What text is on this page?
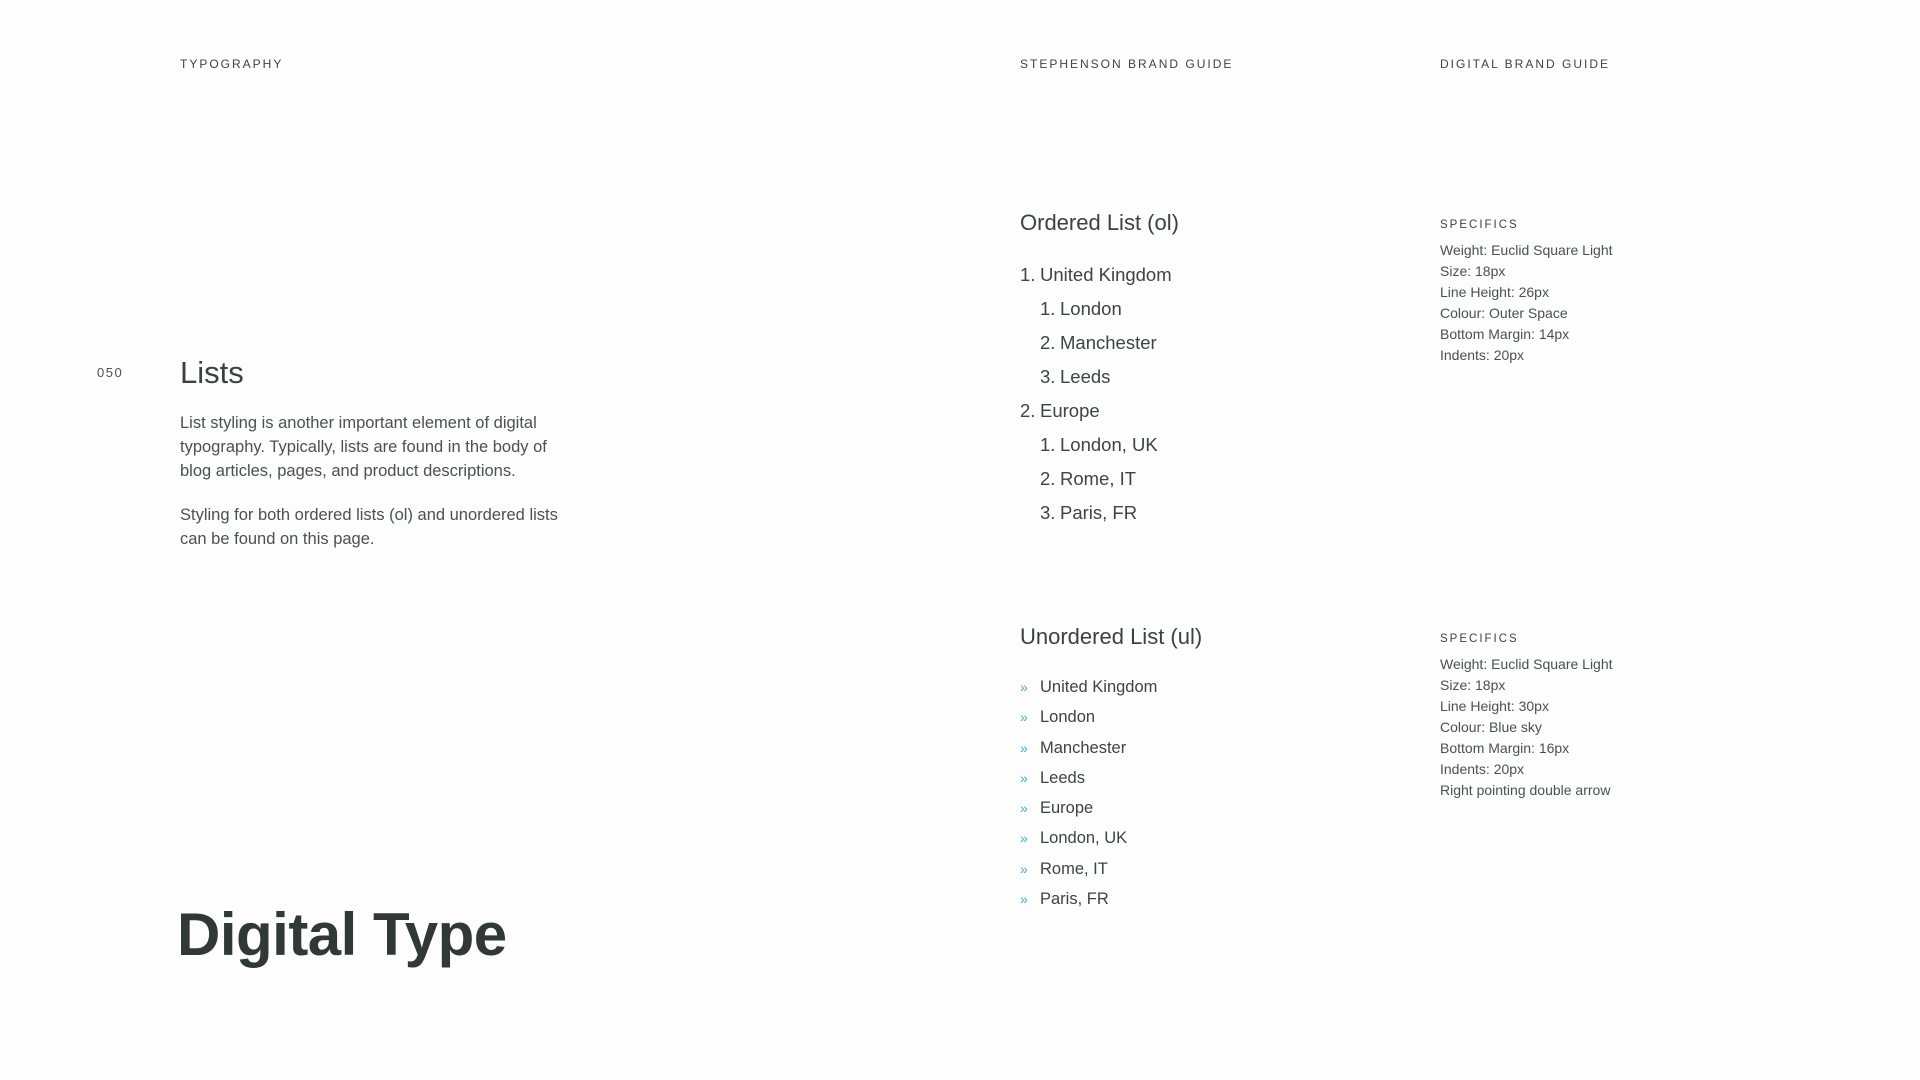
TYPOGRAPHY	STEPHENSON BRAND GUIDE	DIGITAL BRAND GUIDE
050 Lists

List styling is another important element of digital typography. Typically, lists are found in the body of blog articles, pages, and product descriptions.

Styling for both ordered lists (ol) and unordered lists can be found on this page.

Digital Type
Ordered List (ol)
1. United Kingdom
1. London
2. Manchester
3. Leeds
2. Europe
1. London, UK
2. Rome, IT
3. Paris, FR
SPECIFICS
Weight: Euclid Square Light
Size: 18px
Line Height: 26px
Colour: Outer Space
Bottom Margin: 14px
Indents: 20px
Unordered List (ul)
» United Kingdom
» London
» Manchester
» Leeds
» Europe
» London, UK
» Rome, IT
» Paris, FR
SPECIFICS
Weight: Euclid Square Light
Size: 18px
Line Height: 30px
Colour: Blue sky
Bottom Margin: 16px
Indents: 20px
Right pointing double arrow
